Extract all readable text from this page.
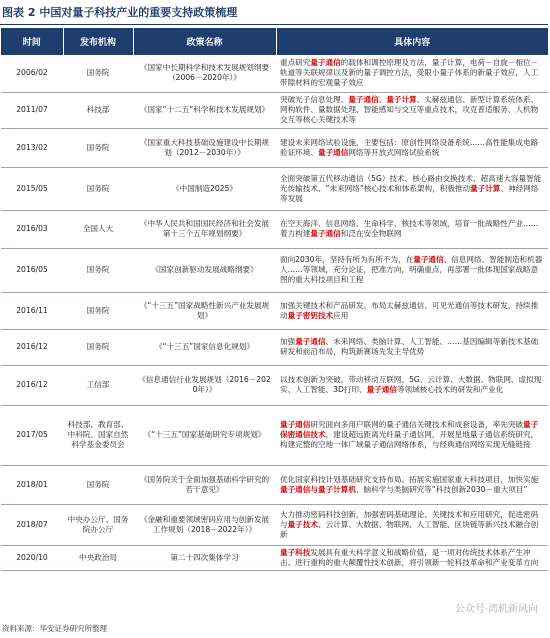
图表 2 中国对量子科技产业的重要支持政策梳理
时间	发布机构	政策名称	具体内容
2006/02	国务院	《国家中长期科学和技术发展规划纲要（2006－2020年）》	重点研究量子通信的载体和调控原理及方法，量子计算，电荷－自旋－相位－轨道等关联规律以及新的量子调控方法，受限小量子体系的新量子效应，人工带隙材料的宏观量子效应
2011/07	科技部	《国家“十二五”科学和技术发展规划》	突破光子信息处理、量子通信、量子计算、太赫兹通信、新型计算系统体系、网构软件、量数据处理、智能感知与交互等重点技术，攻克普适服务、人机物交互等核心关键技术等
2013/02	国务院	《国家重大科技基础设施建设中长期规划（2012－2030年）》	建设未来网络试验设施，主要包括：原创性网络设备系统……高性能集成电路验证环境、量子通信网络等开放式网络试验系统
2015/05	国务院	《中国制造2025》	全面突破第五代移动通信（5G）技术、核心路由交换技术、超高速大容量智能光传输技术、“未来网络”核心技术和体系架构，积极推动量子计算、神经网络等发展
2016/03	全国人大	《中华人民共和国国民经济和社会发展第十三个五年规划纲要》	在空天海洋、信息网络、生命科学、核技术等领域，培育一批战略性产业……着力构建量子通信和泛在安全物联网
2016/05	国务院	《国家创新驱动发展战略纲要》	面向2030年，坚持有所为有所不为，在量子通信、信息网络、智能制造和机器人……等领域，充分论证，把准方向，明确重点，再部署一批体现国家战略意图的重大科技项目和工程
2016/11	国务院	《“十三五”国家战略性新兴产业发展规划》	加强关键技术和产品研发。布局太赫兹通信、可见光通信等技术研发，持续推动量子密钥技术应用
2016/12	国务院	《“十三五”国家信息化规划》	加强量子通信、未来网络、类脑计算、人工智能、……基因编辑等新技术基础研发和前沿布局，构筑新赛场先发主导优势
2016/12	工信部	《信息通信行业发展规划（2016－2020年）》	以技术创新为突破，带动移动互联网、5G、云计算、大数据、物联网、虚拟现实、人工智能、3D打印、量子通信等领域核心技术的研发和产业化
2017/05	科技部、教育部、中科院、国家自然科学基金委员会	《“十三五”国家基础研究专项规划》	量子通信研究面向多用户联网的量子通信关键技术和成套设备，率先突破量子保密通信技术，建设超远距离光纤量子通信网，开展星地量子通信系统研究，构建完整的空地一体广域量子通信网络体系，与经典通信网络实现无缝链接
2018/01	国务院	《国务院关于全面加强基础科学研究的若干意见》	优化国家科技计划基础研究支持布局。拓展实施国家重大科技项目，加快实施量子通信与量子计算机、脑科学与类脑研究等“科技创新2030－重大项目”
2018/07	中央办公厅、国务院办公厅	《金融和重要领域密码应用与创新发展工作规划（2018－2022年）》	大力推动密码科技创新，加强密码基础理论、关键技术和应用研究，促进密码与量子技术、云计算、大数据、物联网、人工智能、区块链等新兴技术融合创新
2020/10	中央政治局	第二十四次集体学习	量子科技发展具有重大科学意义和战略价值，是一项对传统技术体系产生冲击、进行重构的重大颠覆性技术创新，将引领新一轮科技革命和产业变革方向
公众号·湾机新风向
资料来源：华安证券研究所整理
